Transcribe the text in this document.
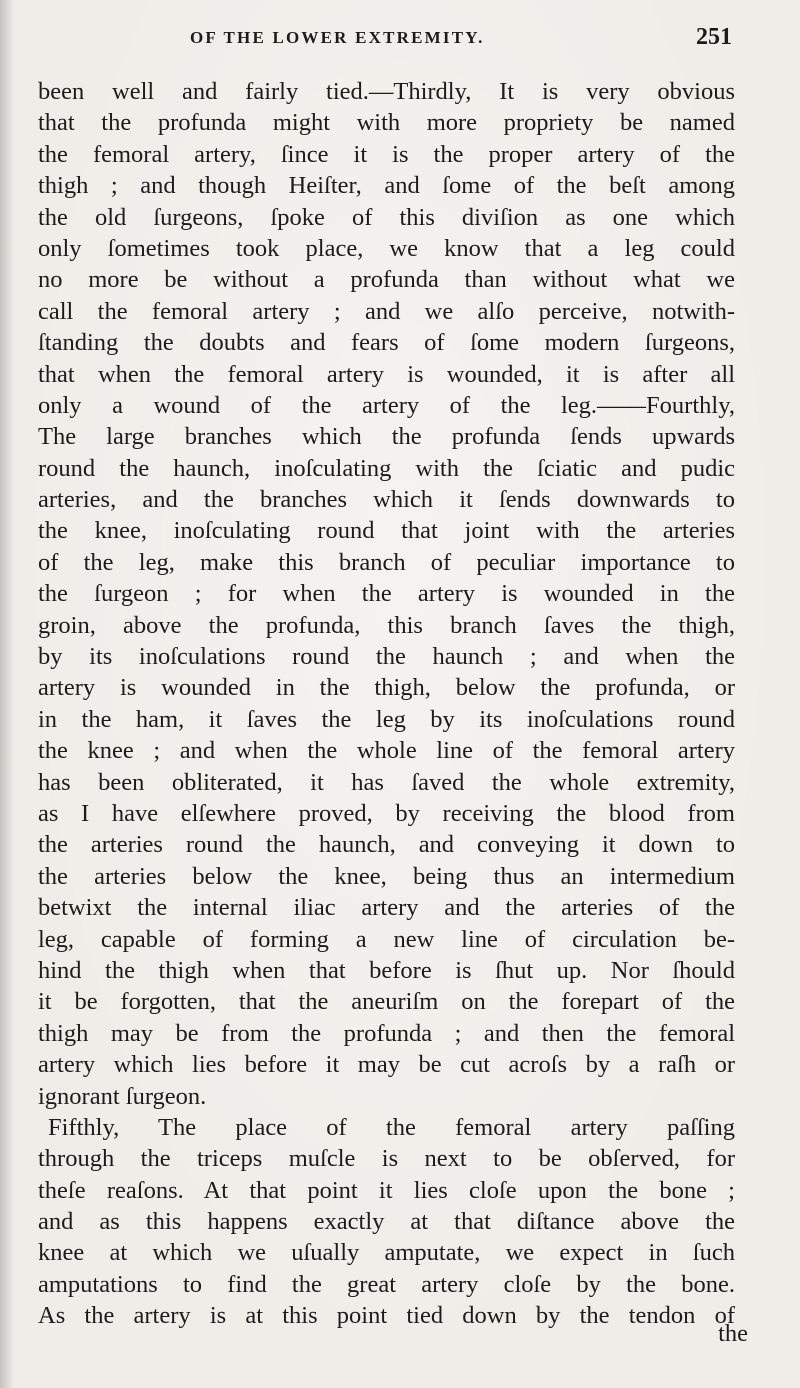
OF THE LOWER EXTREMITY.	251
been well and fairly tied.—Thirdly, It is very obvious
that the profunda might with more propriety be named
the femoral artery, ſince it is the proper artery of the
thigh ; and though Heiſter, and ſome of the beſt among
the old ſurgeons, ſpoke of this diviſion as one which
only ſometimes took place, we know that a leg could
no more be without a profunda than without what we
call the femoral artery ; and we alſo perceive, notwith-
ſtanding the doubts and fears of ſome modern ſurgeons,
that when the femoral artery is wounded, it is after all
only a wound of the artery of the leg.——Fourthly,
The large branches which the profunda ſends upwards
round the haunch, inoſculating with the ſciatic and pudic
arteries, and the branches which it ſends downwards to
the knee, inoſculating round that joint with the arteries
of the leg, make this branch of peculiar importance to
the ſurgeon ; for when the artery is wounded in the
groin, above the profunda, this branch ſaves the thigh,
by its inoſculations round the haunch ; and when the
artery is wounded in the thigh, below the profunda, or
in the ham, it ſaves the leg by its inoſculations round
the knee ; and when the whole line of the femoral artery
has been obliterated, it has ſaved the whole extremity,
as I have elſewhere proved, by receiving the blood from
the arteries round the haunch, and conveying it down to
the arteries below the knee, being thus an intermedium
betwixt the internal iliac artery and the arteries of the
leg, capable of forming a new line of circulation be-
hind the thigh when that before is ſhut up. Nor ſhould
it be forgotten, that the aneuriſm on the forepart of the
thigh may be from the profunda ; and then the femoral
artery which lies before it may be cut acroſs by a raſh or
ignorant ſurgeon.
Fifthly, The place of the femoral artery paſſing
through the triceps muſcle is next to be obſerved, for
theſe reaſons. At that point it lies cloſe upon the bone ;
and as this happens exactly at that diſtance above the
knee at which we uſually amputate, we expect in ſuch
amputations to find the great artery cloſe by the bone.
As the artery is at this point tied down by the tendon of
the
